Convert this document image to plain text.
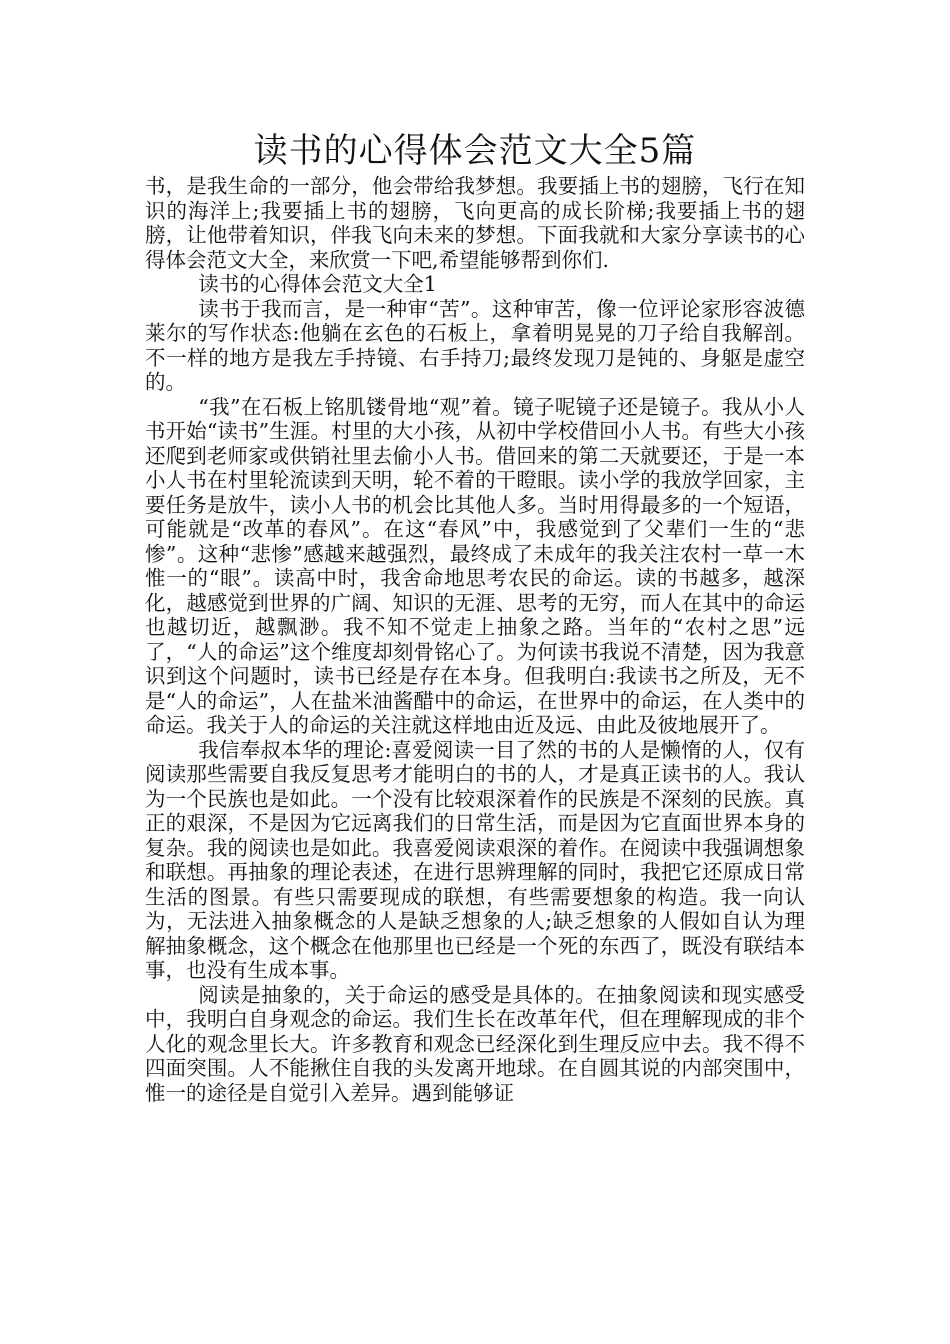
读书的心得体会范文大全5篇

书，是我生命的一部分，他会带给我梦想。我要插上书的翅膀，飞行在知识的海洋上;我要插上书的翅膀，飞向更高的成长阶梯;我要插上书的翅膀，让他带着知识，伴我飞向未来的梦想。下面我就和大家分享读书的心得体会范文大全，来欣赏一下吧,希望能够帮到你们.

读书的心得体会范文大全1

读书于我而言，是一种审“苦”。这种审苦，像一位评论家形容波德莱尔的写作状态:他躺在玄色的石板上，拿着明晃晃的刀子给自我解剖。不一样的地方是我左手持镜、右手持刀;最终发现刀是钝的、身躯是虚空的。

“我”在石板上铭肌镂骨地“观”着。镜子呢镜子还是镜子。我从小人书开始“读书”生涯。村里的大小孩，从初中学校借回小人书。有些大小孩还爬到老师家或供销社里去偷小人书。借回来的第二天就要还，于是一本小人书在村里轮流读到天明，轮不着的干瞪眼。读小学的我放学回家，主要任务是放牛，读小人书的机会比其他人多。当时用得最多的一个短语，可能就是“改革的春风”。在这“春风”中，我感觉到了父辈们一生的“悲惨”。这种“悲惨”感越来越强烈，最终成了未成年的我关注农村一草一木惟一的“眼”。读高中时，我舍命地思考农民的命运。读的书越多，越深化，越感觉到世界的广阔、知识的无涯、思考的无穷，而人在其中的命运也越切近，越飘渺。我不知不觉走上抽象之路。当年的“农村之思”远了，“人的命运”这个维度却刻骨铭心了。为何读书我说不清楚，因为我意识到这个问题时，读书已经是存在本身。但我明白:我读书之所及，无不是“人的命运”，人在盐米油酱醋中的命运，在世界中的命运，在人类中的命运。我关于人的命运的关注就这样地由近及远、由此及彼地展开了。

我信奉叔本华的理论:喜爱阅读一目了然的书的人是懒惰的人，仅有阅读那些需要自我反复思考才能明白的书的人，才是真正读书的人。我认为一个民族也是如此。一个没有比较艰深着作的民族是不深刻的民族。真正的艰深，不是因为它远离我们的日常生活，而是因为它直面世界本身的复杂。我的阅读也是如此。我喜爱阅读艰深的着作。在阅读中我强调想象和联想。再抽象的理论表述，在进行思辨理解的同时，我把它还原成日常生活的图景。有些只需要现成的联想，有些需要想象的构造。我一向认为，无法进入抽象概念的人是缺乏想象的人;缺乏想象的人假如自认为理解抽象概念，这个概念在他那里也已经是一个死的东西了，既没有联结本事，也没有生成本事。

阅读是抽象的，关于命运的感受是具体的。在抽象阅读和现实感受中，我明白自身观念的命运。我们生长在改革年代，但在理解现成的非个人化的观念里长大。许多教育和观念已经深化到生理反应中去。我不得不四面突围。人不能揪住自我的头发离开地球。在自圆其说的内部突围中，惟一的途径是自觉引入差异。遇到能够证
